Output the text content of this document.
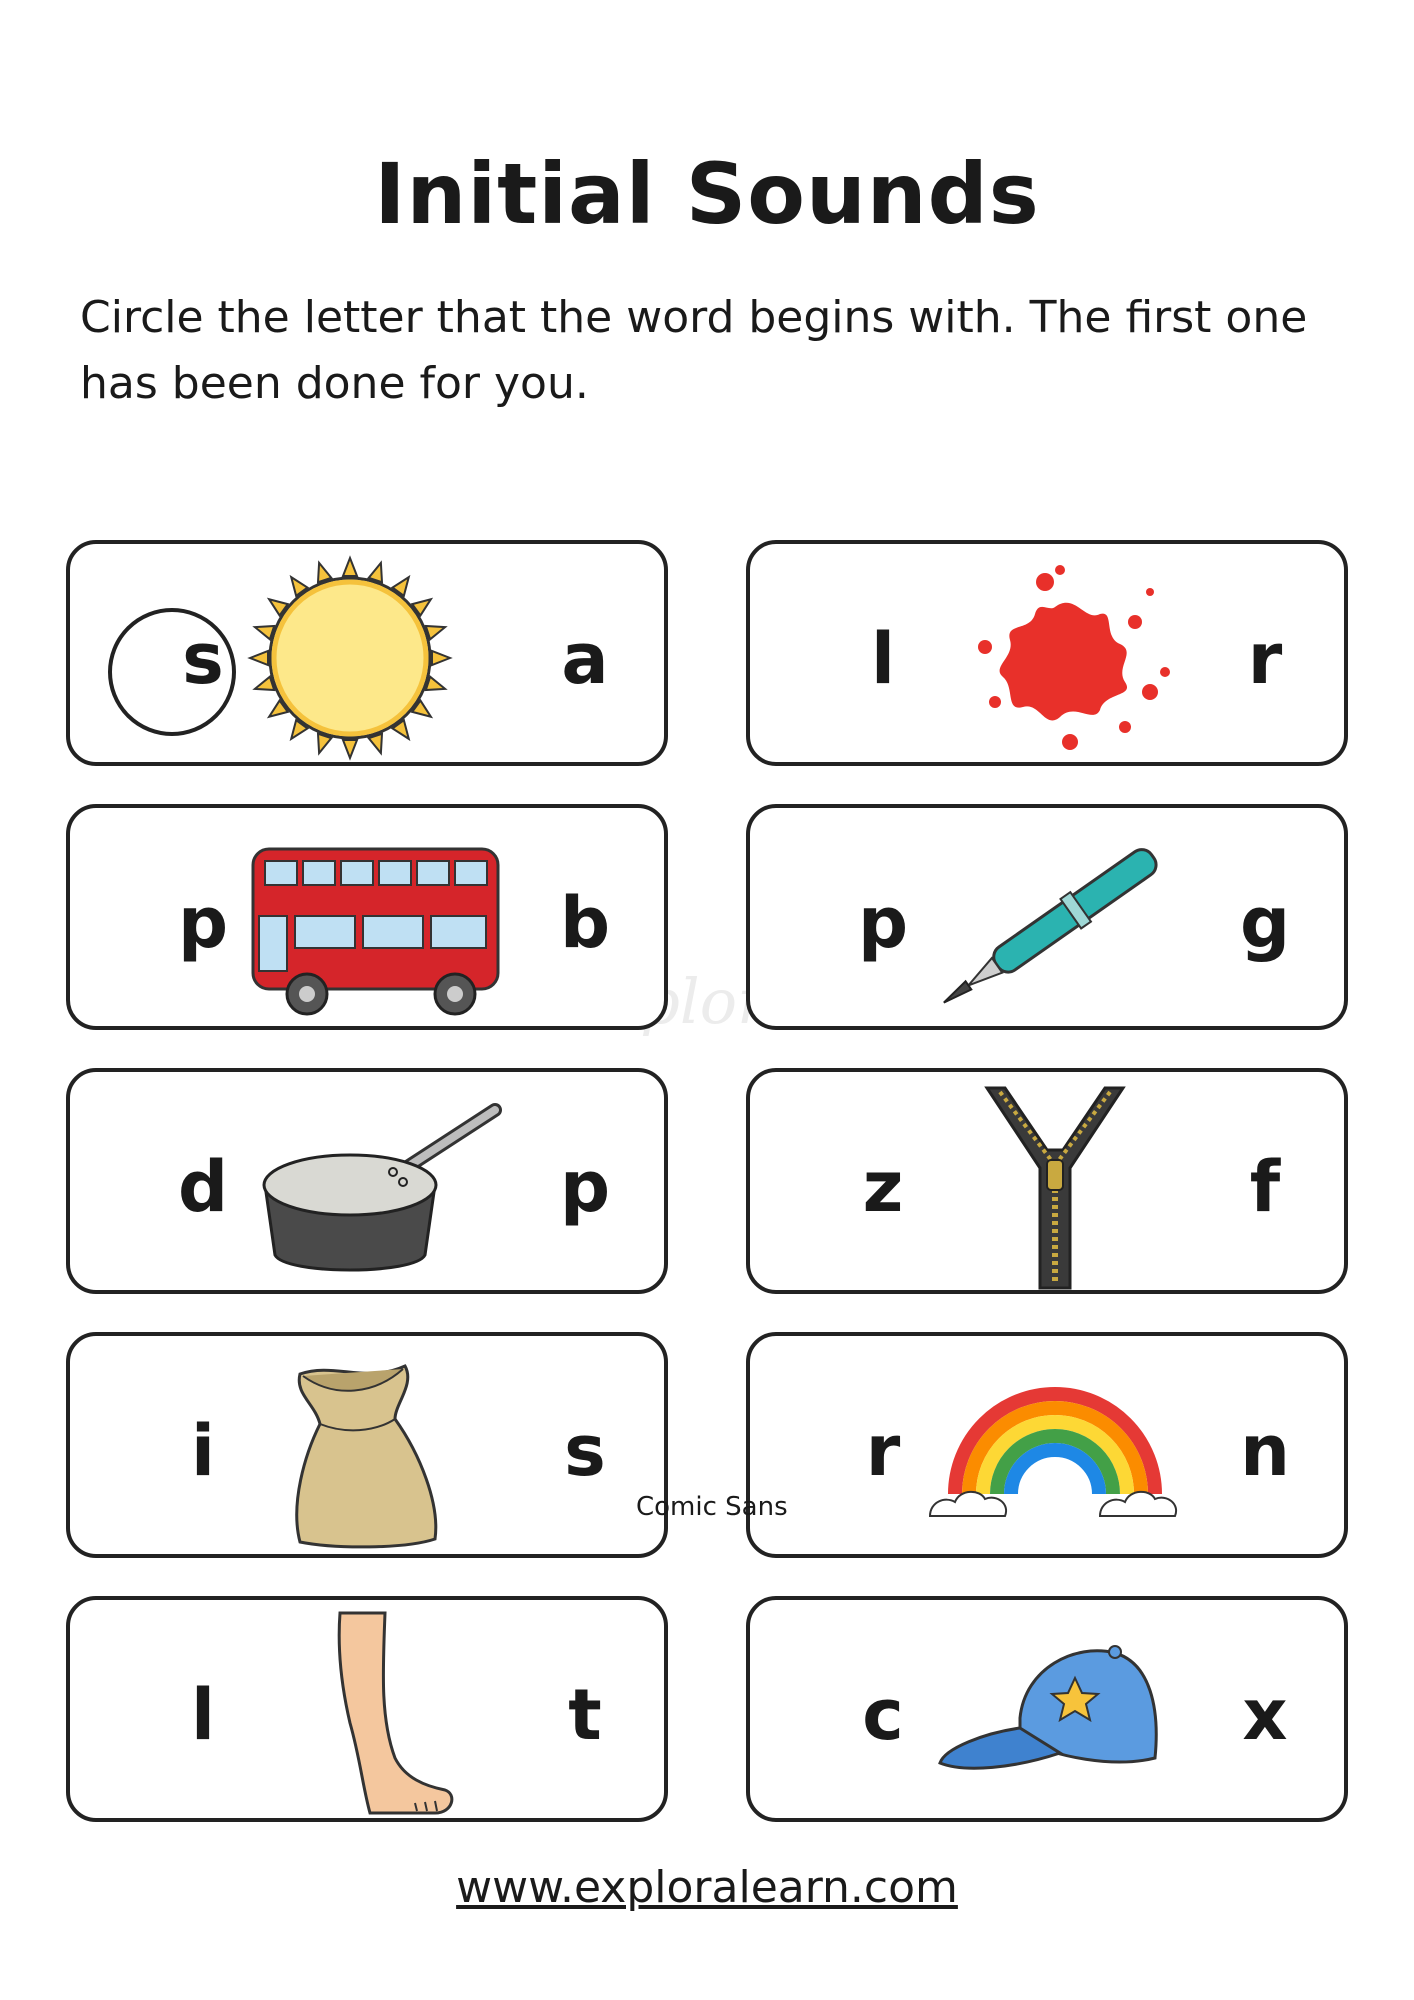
Initial Sounds
Circle the letter that the word begins with. The first one has been done for you.
s	a	l	r
p	b	p	g
d	p	z	f
i	s	r	n
Comic Sans
l	t	c	x
www.exploralearn.com
